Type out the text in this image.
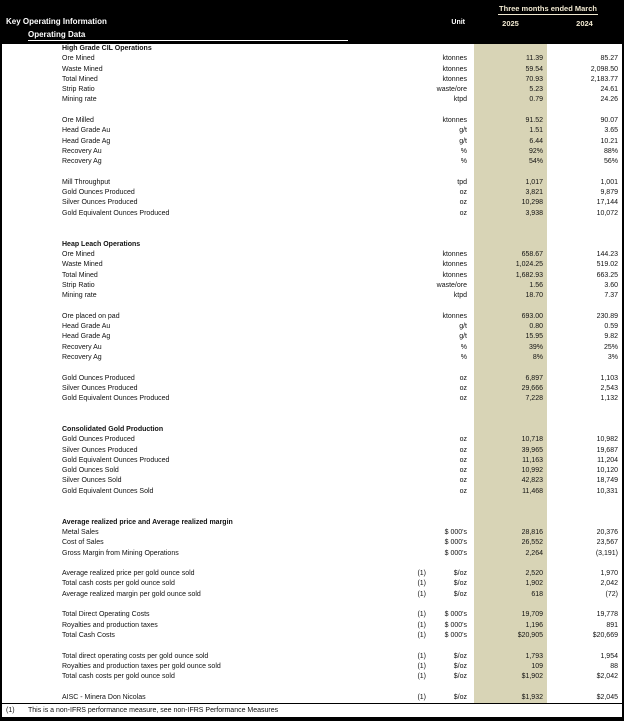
Three months ended March
Key Operating Information	Unit	2025	2024
Operating Data
High Grade CIL Operations
Ore Mined	ktonnes	11.39	85.27
Waste Mined	ktonnes	59.54	2,098.50
Total Mined	ktonnes	70.93	2,183.77
Strip Ratio	waste/ore	5.23	24.61
Mining rate	ktpd	0.79	24.26
Ore Milled	ktonnes	91.52	90.07
Head Grade Au	g/t	1.51	3.65
Head Grade Ag	g/t	6.44	10.21
Recovery Au	%	92%	88%
Recovery Ag	%	54%	56%
Mill Throughput	tpd	1,017	1,001
Gold Ounces Produced	oz	3,821	9,879
Silver Ounces Produced	oz	10,298	17,144
Gold Equivalent Ounces Produced	oz	3,938	10,072
Heap Leach Operations
Ore Mined	ktonnes	658.67	144.23
Waste Mined	ktonnes	1,024.25	519.02
Total Mined	ktonnes	1,682.93	663.25
Strip Ratio	waste/ore	1.56	3.60
Mining rate	ktpd	18.70	7.37
Ore placed on pad	ktonnes	693.00	230.89
Head Grade Au	g/t	0.80	0.59
Head Grade Ag	g/t	15.95	9.82
Recovery Au	%	39%	25%
Recovery Ag	%	8%	3%
Gold Ounces Produced	oz	6,897	1,103
Silver Ounces Produced	oz	29,666	2,543
Gold Equivalent Ounces Produced	oz	7,228	1,132
Consolidated Gold Production
Gold Ounces Produced	oz	10,718	10,982
Silver Ounces Produced	oz	39,965	19,687
Gold Equivalent Ounces Produced	oz	11,163	11,204
Gold Ounces Sold	oz	10,992	10,120
Silver Ounces Sold	oz	42,823	18,749
Gold Equivalent Ounces Sold	oz	11,468	10,331
Average realized price and Average realized margin
Metal Sales	$ 000's	28,816	20,376
Cost of Sales	$ 000's	26,552	23,567
Gross Margin from Mining Operations	$ 000's	2,264	(3,191)
Average realized price per gold ounce sold	(1)	$/oz	2,520	1,970
Total cash costs per gold ounce sold	(1)	$/oz	1,902	2,042
Average realized margin per gold ounce sold	(1)	$/oz	618	(72)
Total Direct Operating Costs	(1)	$ 000's	19,709	19,778
Royalties and production taxes	(1)	$ 000's	1,196	891
Total Cash Costs	(1)	$ 000's	$20,905	$20,669
Total direct operating costs per gold ounce sold	(1)	$/oz	1,793	1,954
Royalties and production taxes per gold ounce sold	(1)	$/oz	109	88
Total cash costs per gold ounce sold	(1)	$/oz	$1,902	$2,042
AISC - Minera Don Nicolas	(1)	$/oz	$1,932	$2,045
(1)	This is a non-IFRS performance measure, see non-IFRS Performance Measures
